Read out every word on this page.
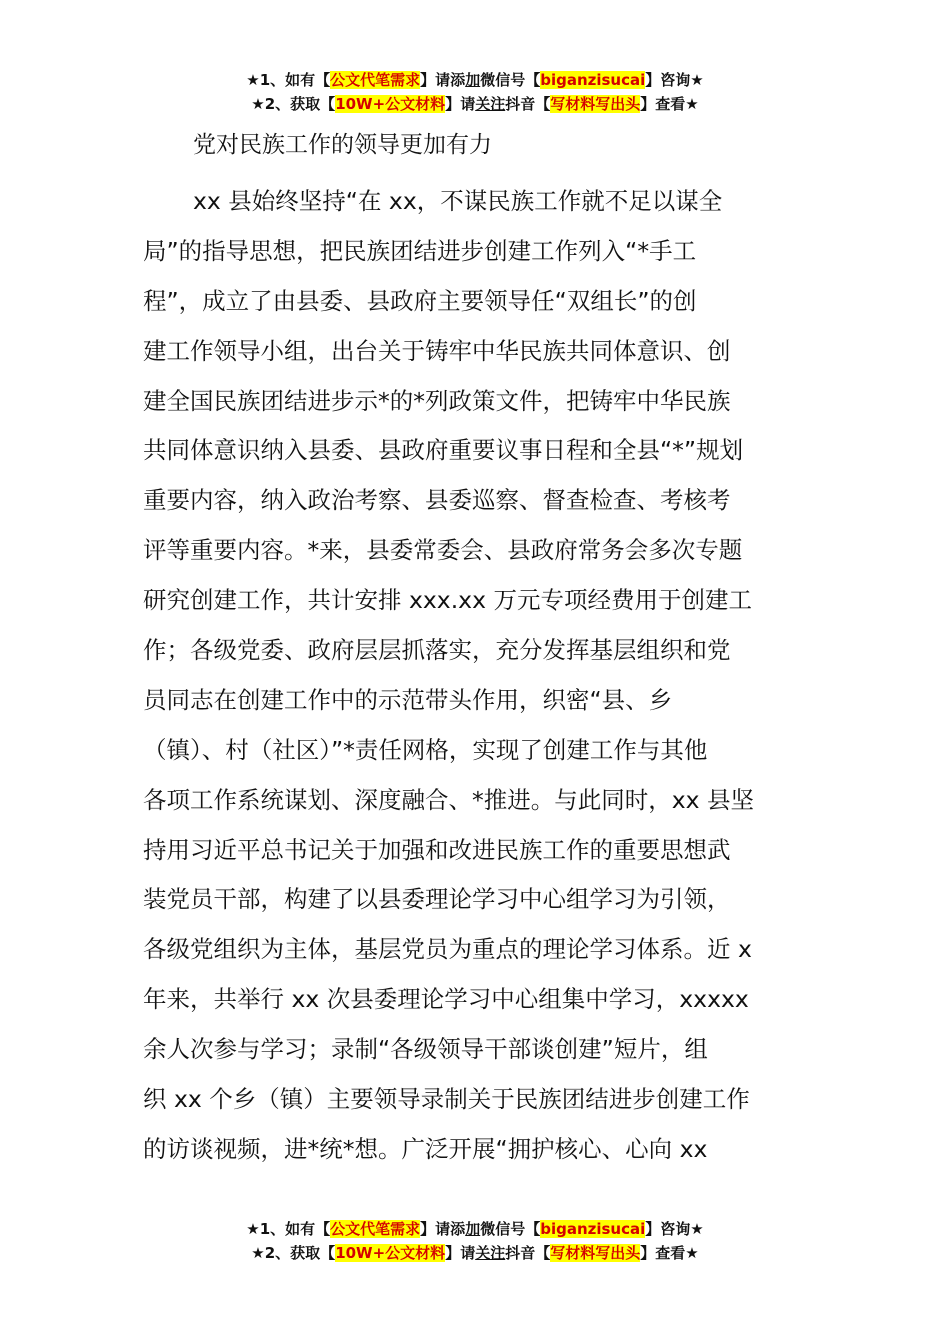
★1、如有【公文代笔需求】请添加微信号【biganzisucai】咨询★
★2、获取【10W+公文材料】请关注抖音【写材料写出头】查看★
党对民族工作的领导更加有力
xx 县始终坚持“在 xx，不谋民族工作就不足以谋全
局”的指导思想，把民族团结进步创建工作列入“*手工
程”，成立了由县委、县政府主要领导任“双组长”的创
建工作领导小组，出台关于铸牢中华民族共同体意识、创
建全国民族团结进步示*的*列政策文件，把铸牢中华民族
共同体意识纳入县委、县政府重要议事日程和全县“*”规划
重要内容，纳入政治考察、县委巡察、督查检查、考核考
评等重要内容。*来，县委常委会、县政府常务会多次专题
研究创建工作，共计安排 xxx.xx 万元专项经费用于创建工
作；各级党委、政府层层抓落实，充分发挥基层组织和党
员同志在创建工作中的示范带头作用，织密“县、乡
（镇）、村（社区）”*责任网格，实现了创建工作与其他
各项工作系统谋划、深度融合、*推进。与此同时，xx 县坚
持用习近平总书记关于加强和改进民族工作的重要思想武
装党员干部，构建了以县委理论学习中心组学习为引领，
各级党组织为主体，基层党员为重点的理论学习体系。近 x
年来，共举行 xx 次县委理论学习中心组集中学习，xxxxx
余人次参与学习；录制“各级领导干部谈创建”短片，组
织 xx 个乡（镇）主要领导录制关于民族团结进步创建工作
的访谈视频，进*统*想。广泛开展“拥护核心、心向 xx
★1、如有【公文代笔需求】请添加微信号【biganzisucai】咨询★
★2、获取【10W+公文材料】请关注抖音【写材料写出头】查看★
